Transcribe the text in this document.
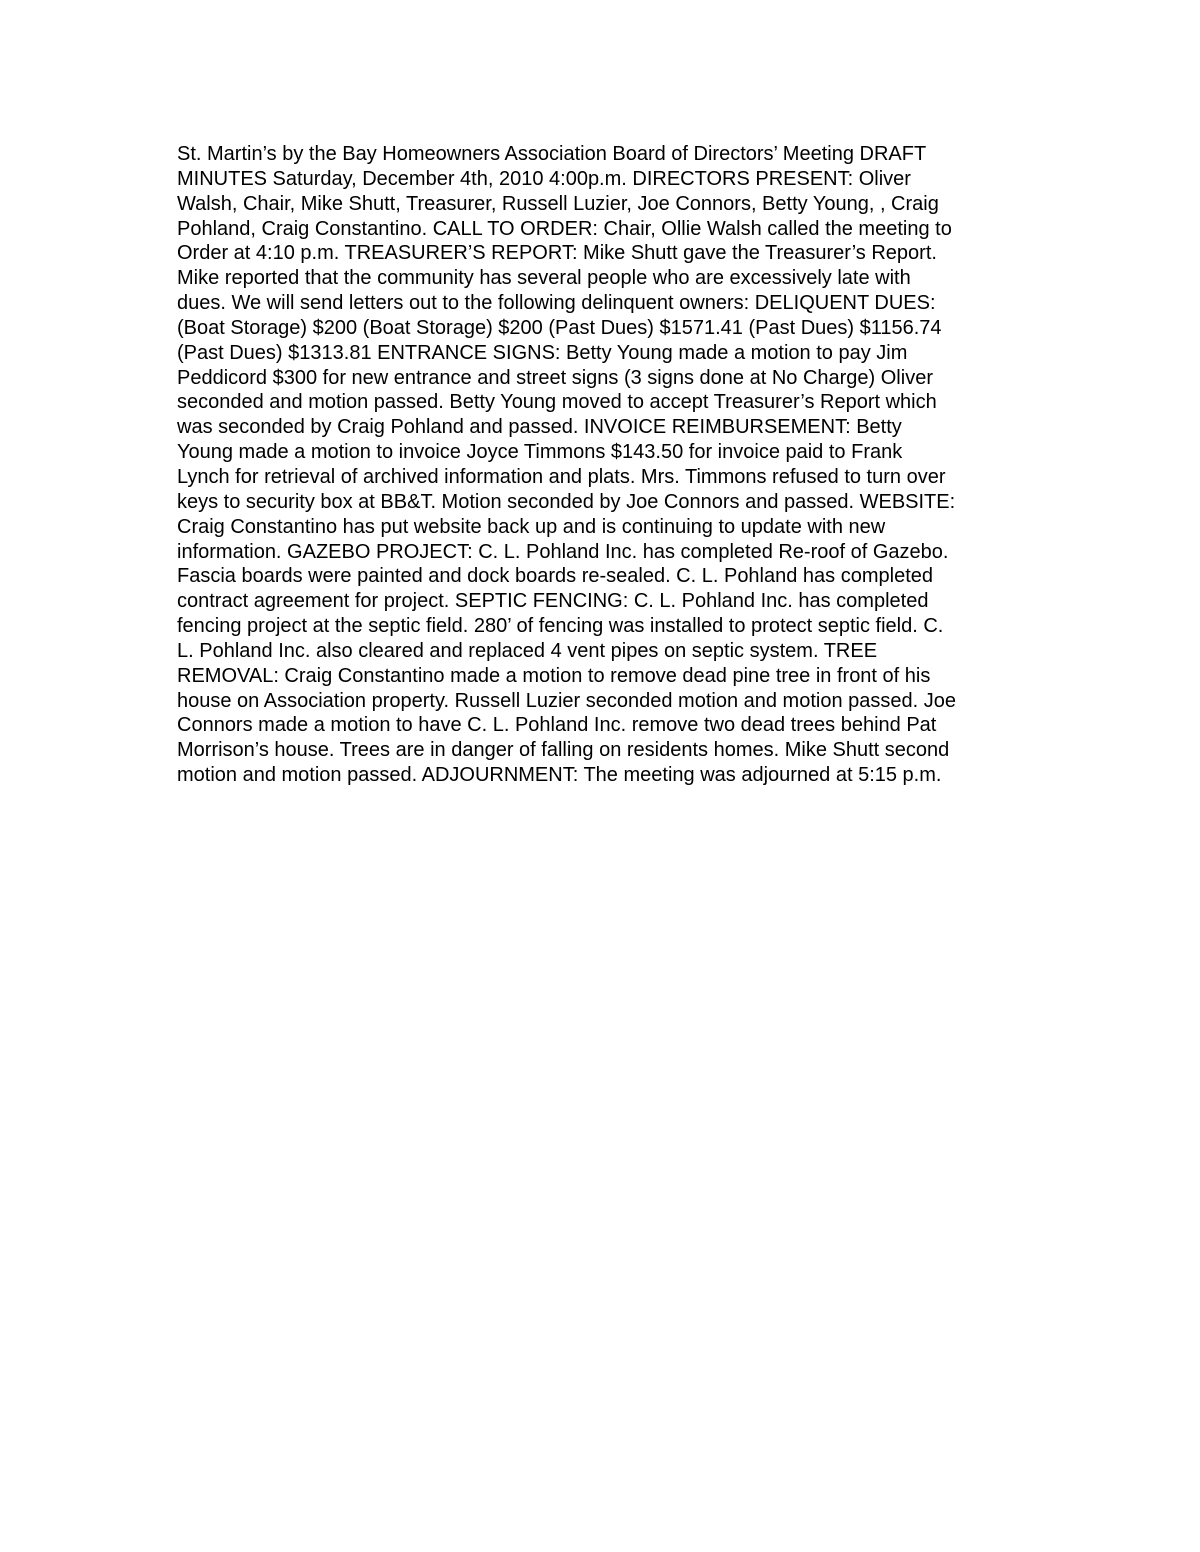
St. Martin’s by the Bay Homeowners Association Board of Directors’ Meeting DRAFT
MINUTES Saturday, December 4th, 2010 4:00p.m. DIRECTORS PRESENT: Oliver
Walsh, Chair, Mike Shutt, Treasurer, Russell Luzier, Joe Connors, Betty Young, , Craig
Pohland, Craig Constantino. CALL TO ORDER: Chair, Ollie Walsh called the meeting to
Order at 4:10 p.m. TREASURER’S REPORT: Mike Shutt gave the Treasurer’s Report.
Mike reported that the community has several people who are excessively late with
dues. We will send letters out to the following delinquent owners: DELIQUENT DUES:
(Boat Storage) $200 (Boat Storage) $200 (Past Dues) $1571.41 (Past Dues) $1156.74
(Past Dues) $1313.81 ENTRANCE SIGNS: Betty Young made a motion to pay Jim
Peddicord $300 for new entrance and street signs (3 signs done at No Charge) Oliver
seconded and motion passed. Betty Young moved to accept Treasurer’s Report which
was seconded by Craig Pohland and passed. INVOICE REIMBURSEMENT: Betty
Young made a motion to invoice Joyce Timmons $143.50 for invoice paid to Frank
Lynch for retrieval of archived information and plats. Mrs. Timmons refused to turn over
keys to security box at BB&T. Motion seconded by Joe Connors and passed. WEBSITE:
Craig Constantino has put website back up and is continuing to update with new
information. GAZEBO PROJECT: C. L. Pohland Inc. has completed Re-roof of Gazebo.
Fascia boards were painted and dock boards re-sealed. C. L. Pohland has completed
contract agreement for project. SEPTIC FENCING: C. L. Pohland Inc. has completed
fencing project at the septic field. 280’ of fencing was installed to protect septic field. C.
L. Pohland Inc. also cleared and replaced 4 vent pipes on septic system. TREE
REMOVAL: Craig Constantino made a motion to remove dead pine tree in front of his
house on Association property. Russell Luzier seconded motion and motion passed. Joe
Connors made a motion to have C. L. Pohland Inc. remove two dead trees behind Pat
Morrison’s house. Trees are in danger of falling on residents homes. Mike Shutt second
motion and motion passed. ADJOURNMENT: The meeting was adjourned at 5:15 p.m.
